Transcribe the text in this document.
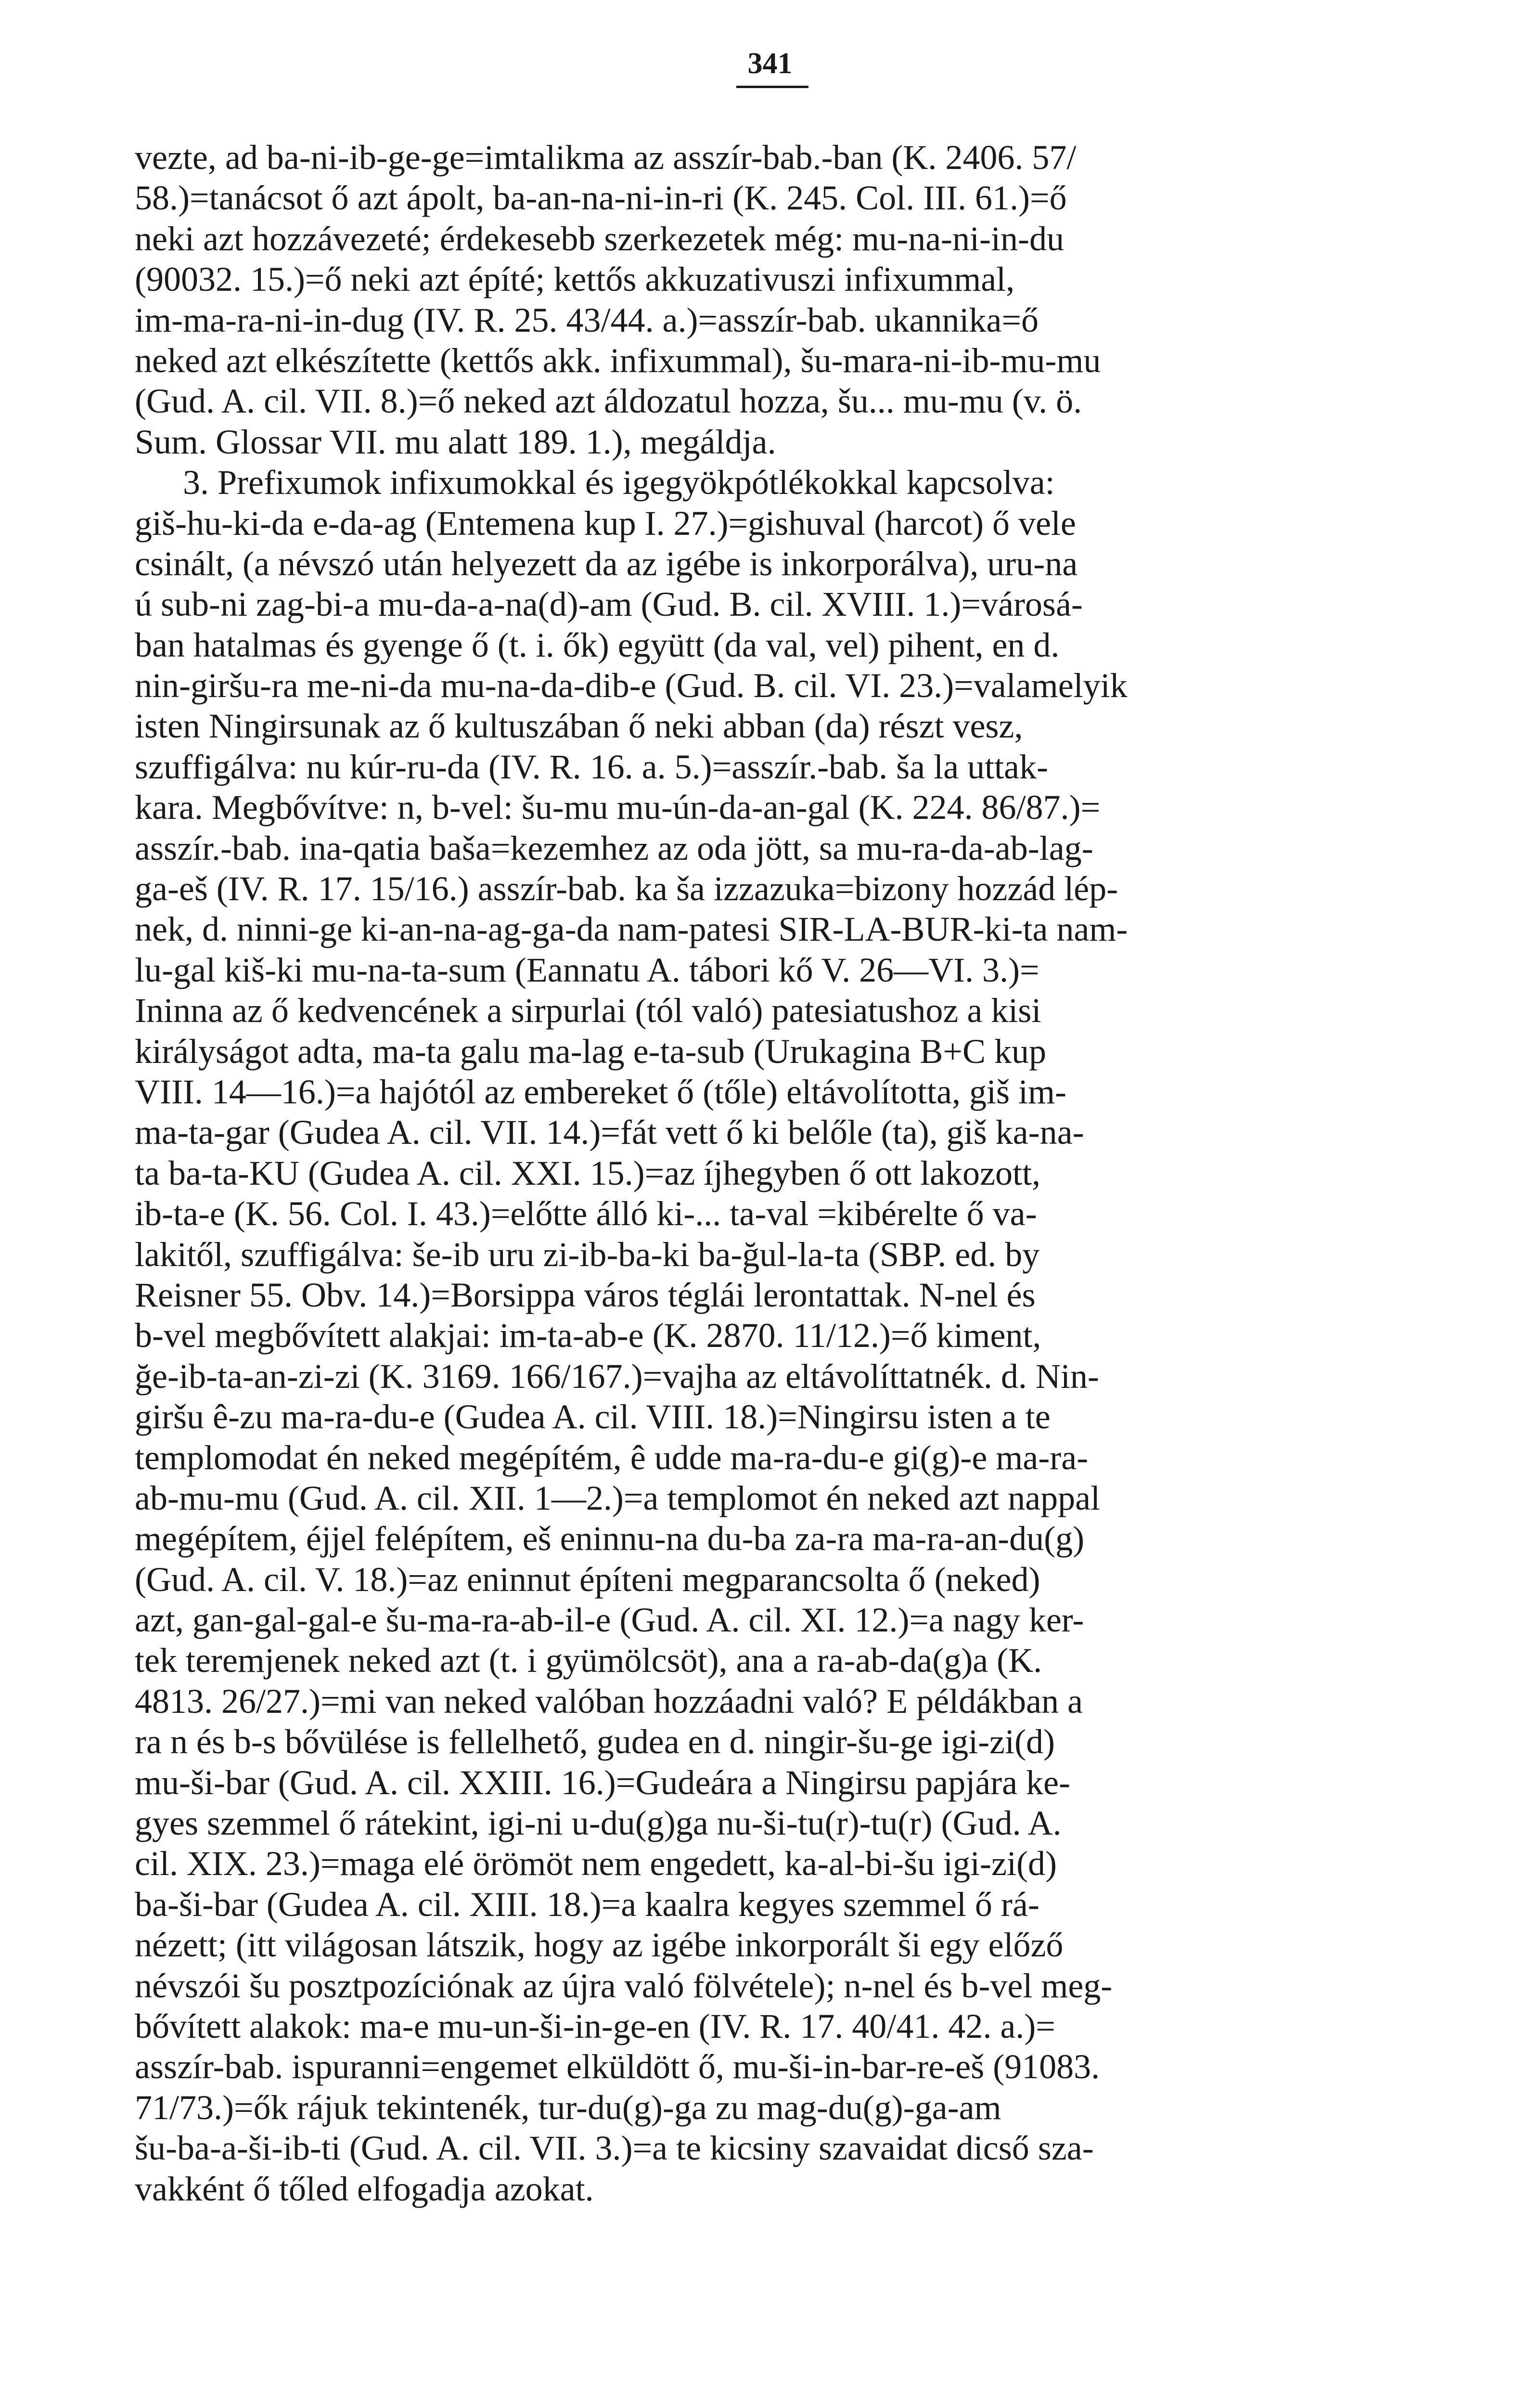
341
vezte, ad ba-ni-ib-ge-ge=imtalikma az asszír-bab.-ban (K. 2406. 57/
58.)=tanácsot ő azt ápolt, ba-an-na-ni-in-ri (K. 245. Col. III. 61.)=ő
neki azt hozzávezeté; érdekesebb szerkezetek még: mu-na-ni-in-du
(90032. 15.)=ő neki azt építé; kettős akkuzativuszi infixummal,
im-ma-ra-ni-in-dug (IV. R. 25. 43/44. a.)=asszír-bab. ukannika=ő
neked azt elkészítette (kettős akk. infixummal), šu-mara-ni-ib-mu-mu
(Gud. A. cil. VII. 8.)=ő neked azt áldozatul hozza, šu... mu-mu (v. ö.
Sum. Glossar VII. mu alatt 189. 1.), megáldja.
3. Prefixumok infixumokkal és igegyökpótlékokkal kapcsolva:
giš-hu-ki-da e-da-ag (Entemena kup I. 27.)=gishuval (harcot) ő vele
csinált, (a névszó után helyezett da az igébe is inkorporálva), uru-na
ú sub-ni zag-bi-a mu-da-a-na(d)-am (Gud. B. cil. XVIII. 1.)=városá-
ban hatalmas és gyenge ő (t. i. ők) együtt (da val, vel) pihent, en d.
nin-giršu-ra me-ni-da mu-na-da-dib-e (Gud. B. cil. VI. 23.)=valamelyik
isten Ningirsunak az ő kultuszában ő neki abban (da) részt vesz,
szuffigálva: nu kúr-ru-da (IV. R. 16. a. 5.)=asszír.-bab. ša la uttak-
kara. Megbővítve: n, b-vel: šu-mu mu-ún-da-an-gal (K. 224. 86/87.)=
asszír.-bab. ina-qatia baša=kezemhez az oda jött, sa mu-ra-da-ab-lag-
ga-eš (IV. R. 17. 15/16.) asszír-bab. ka ša izzazuka=bizony hozzád lép-
nek, d. ninni-ge ki-an-na-ag-ga-da nam-patesi SIR-LA-BUR-ki-ta nam-
lu-gal kiš-ki mu-na-ta-sum (Eannatu A. tábori kő V. 26—VI. 3.)=
Ininna az ő kedvencének a sirpurlai (tól való) patesiatushoz a kisi
királyságot adta, ma-ta galu ma-lag e-ta-sub (Urukagina B+C kup
VIII. 14—16.)=a hajótól az embereket ő (tőle) eltávolította, giš im-
ma-ta-gar (Gudea A. cil. VII. 14.)=fát vett ő ki belőle (ta), giš ka-na-
ta ba-ta-KU (Gudea A. cil. XXI. 15.)=az íjhegyben ő ott lakozott,
ib-ta-e (K. 56. Col. I. 43.)=előtte álló ki-... ta-val =kibérelte ő va-
lakitől, szuffigálva: še-ib uru zi-ib-ba-ki ba-ğul-la-ta (SBP. ed. by
Reisner 55. Obv. 14.)=Borsippa város téglái lerontattak. N-nel és
b-vel megbővített alakjai: im-ta-ab-e (K. 2870. 11/12.)=ő kiment,
ğe-ib-ta-an-zi-zi (K. 3169. 166/167.)=vajha az eltávolíttatnék. d. Nin-
giršu ê-zu ma-ra-du-e (Gudea A. cil. VIII. 18.)=Ningirsu isten a te
templomodat én neked megépítém, ê udde ma-ra-du-e gi(g)-e ma-ra-
ab-mu-mu (Gud. A. cil. XII. 1—2.)=a templomot én neked azt nappal
megépítem, éjjel felépítem, eš eninnu-na du-ba za-ra ma-ra-an-du(g)
(Gud. A. cil. V. 18.)=az eninnut építeni megparancsolta ő (neked)
azt, gan-gal-gal-e šu-ma-ra-ab-il-e (Gud. A. cil. XI. 12.)=a nagy ker-
tek teremjenek neked azt (t. i gyümölcsöt), ana a ra-ab-da(g)a (K.
4813. 26/27.)=mi van neked valóban hozzáadni való? E példákban a
ra n és b-s bővülése is fellelhető, gudea en d. ningir-šu-ge igi-zi(d)
mu-ši-bar (Gud. A. cil. XXIII. 16.)=Gudeára a Ningirsu papjára ke-
gyes szemmel ő rátekint, igi-ni u-du(g)ga nu-ši-tu(r)-tu(r) (Gud. A.
cil. XIX. 23.)=maga elé örömöt nem engedett, ka-al-bi-šu igi-zi(d)
ba-ši-bar (Gudea A. cil. XIII. 18.)=a kaalra kegyes szemmel ő rá-
nézett; (itt világosan látszik, hogy az igébe inkorporált ši egy előző
névszói šu posztpozíciónak az újra való fölvétele); n-nel és b-vel meg-
bővített alakok: ma-e mu-un-ši-in-ge-en (IV. R. 17. 40/41. 42. a.)=
asszír-bab. ispuranni=engemet elküldött ő, mu-ši-in-bar-re-eš (91083.
71/73.)=ők rájuk tekintenék, tur-du(g)-ga zu mag-du(g)-ga-am
šu-ba-a-ši-ib-ti (Gud. A. cil. VII. 3.)=a te kicsiny szavaidat dicső sza-
vakként ő tőled elfogadja azokat.
